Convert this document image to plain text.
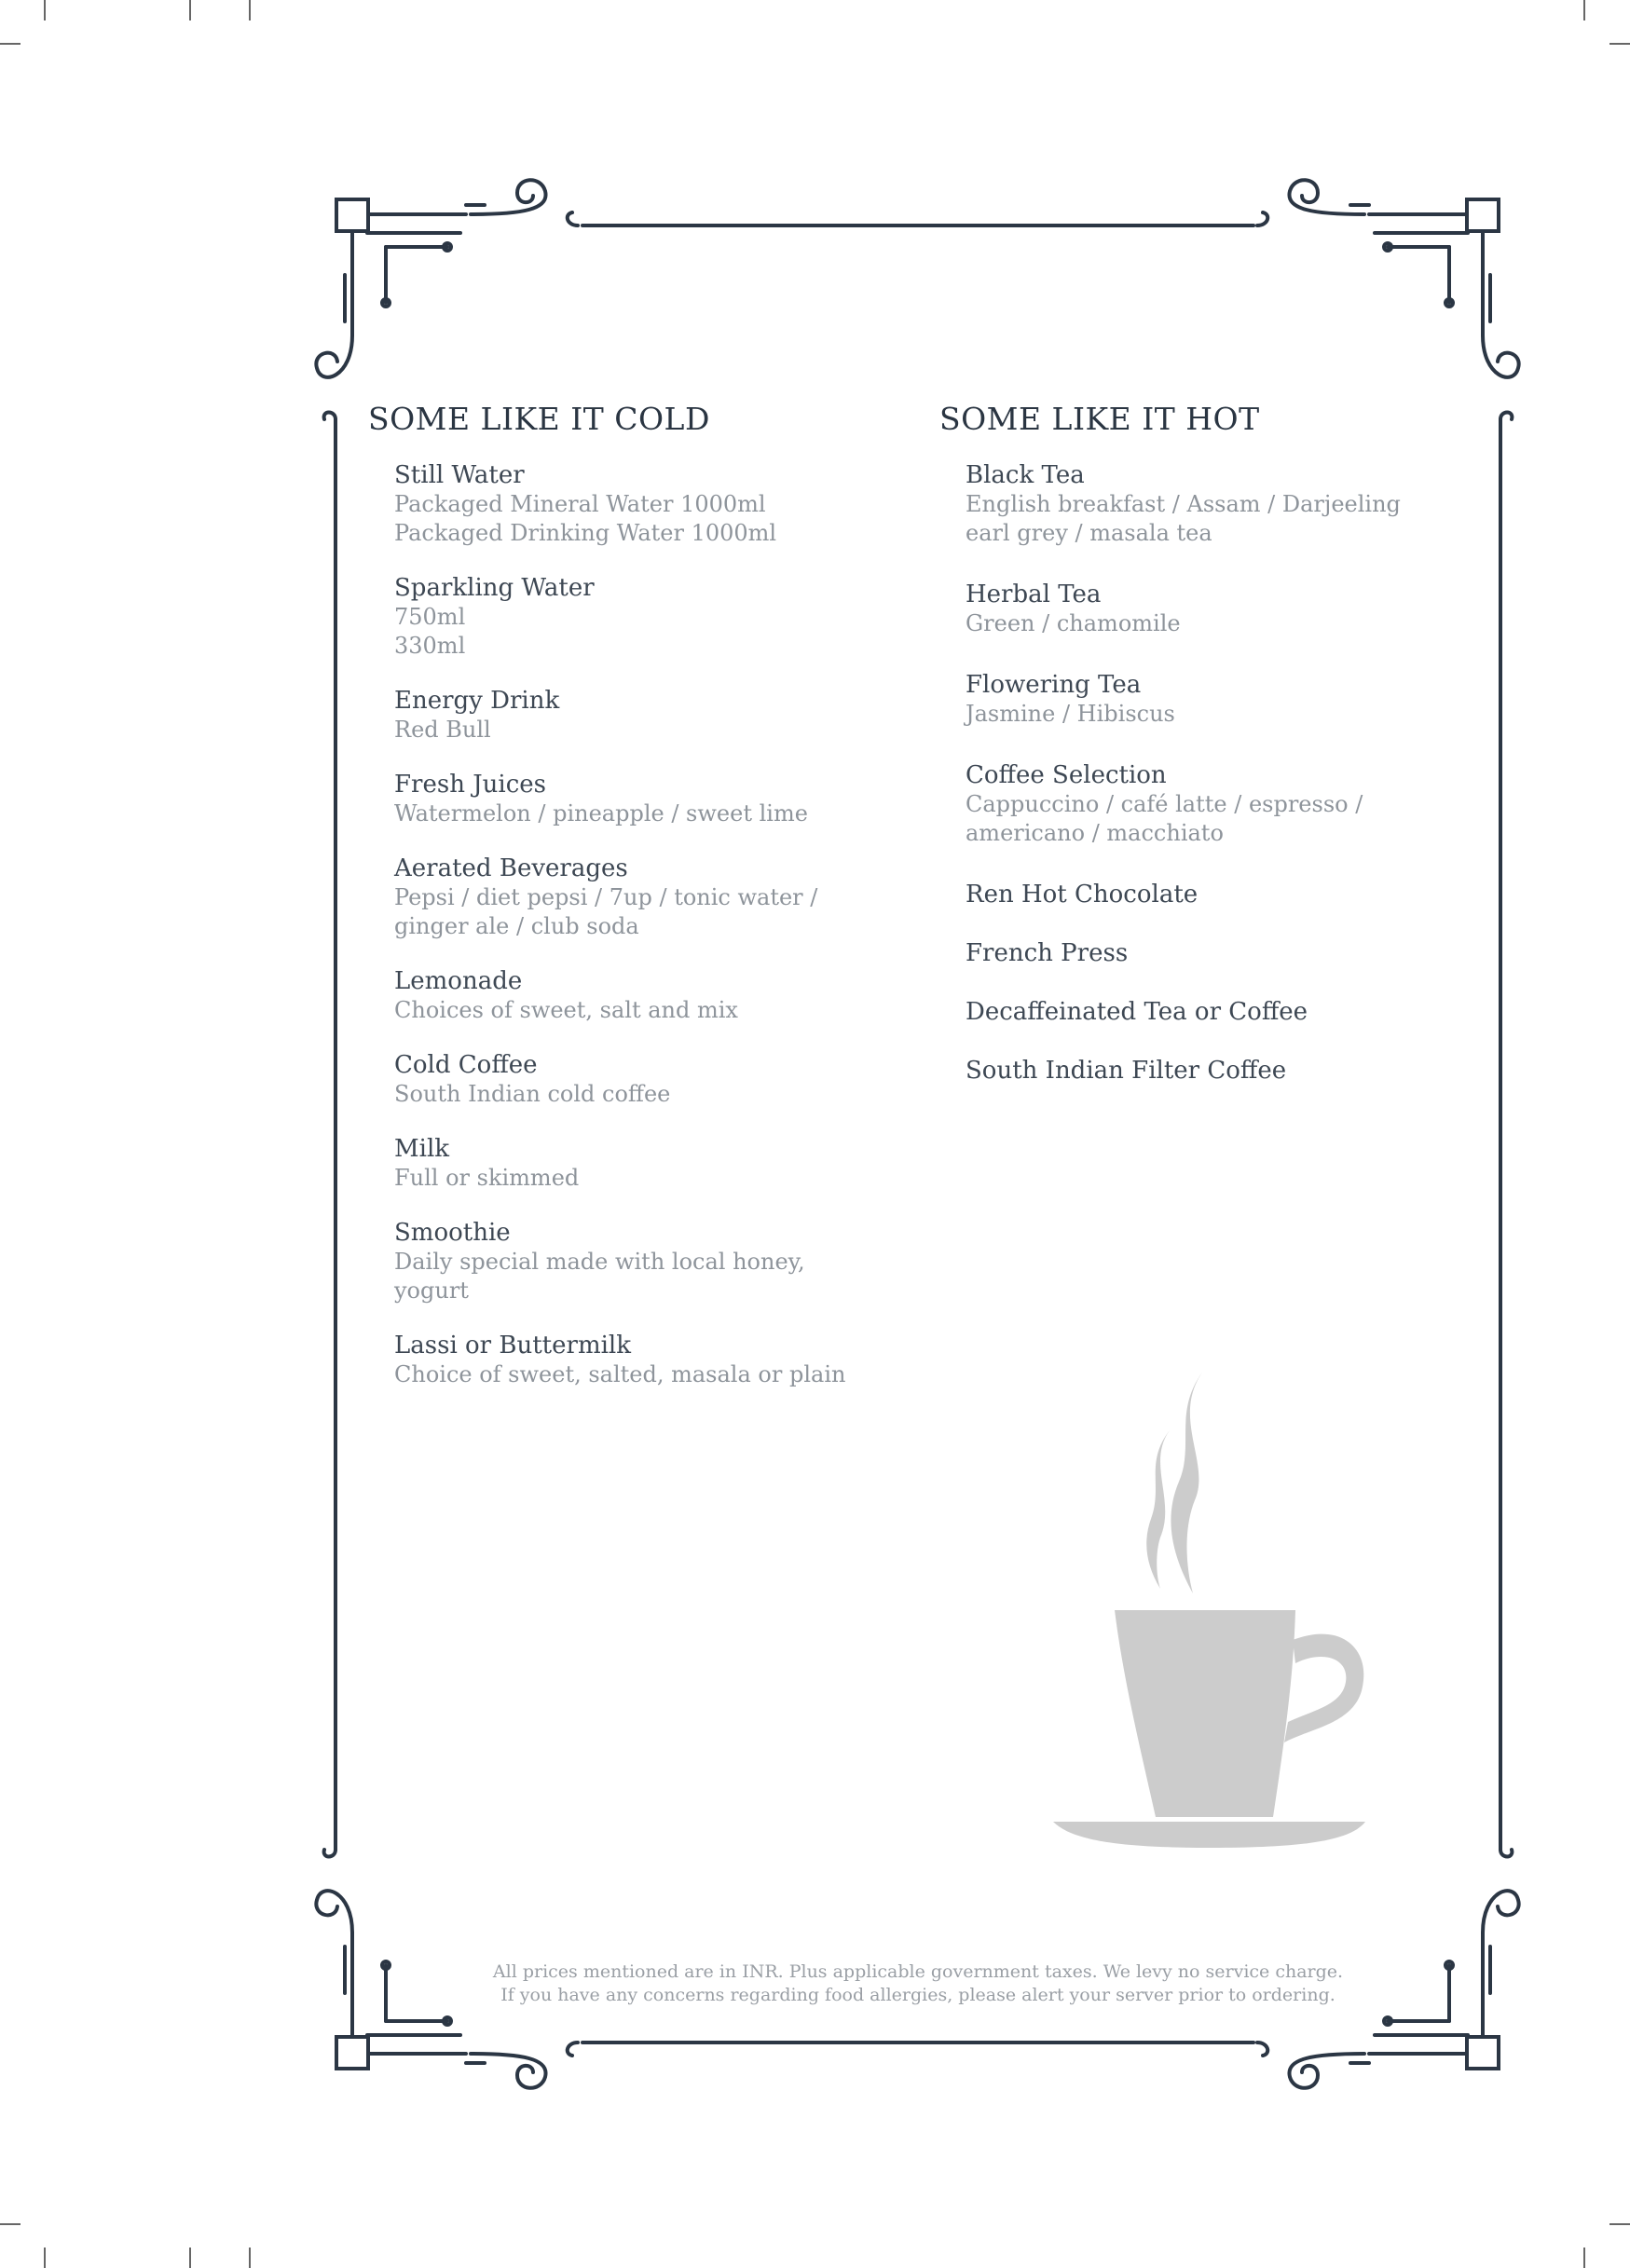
SOME LIKE IT COLD
Still Water
Packaged Mineral Water 1000ml
Packaged Drinking Water 1000ml
Sparkling Water
750ml
330ml
Energy Drink
Red Bull
Fresh Juices
Watermelon / pineapple / sweet lime
Aerated Beverages
Pepsi / diet pepsi / 7up / tonic water /
ginger ale / club soda
Lemonade
Choices of sweet, salt and mix
Cold Coffee
South Indian cold coffee
Milk
Full or skimmed
Smoothie
Daily special made with local honey,
yogurt
Lassi or Buttermilk
Choice of sweet, salted, masala or plain
SOME LIKE IT HOT
Black Tea
English breakfast / Assam / Darjeeling
earl grey / masala tea
Herbal Tea
Green / chamomile
Flowering Tea
Jasmine / Hibiscus
Coffee Selection
Cappuccino / café latte / espresso /
americano / macchiato
Ren Hot Chocolate
French Press
Decaffeinated Tea or Coffee
South Indian Filter Coffee
All prices mentioned are in INR. Plus applicable government taxes. We levy no service charge.
If you have any concerns regarding food allergies, please alert your server prior to ordering.
